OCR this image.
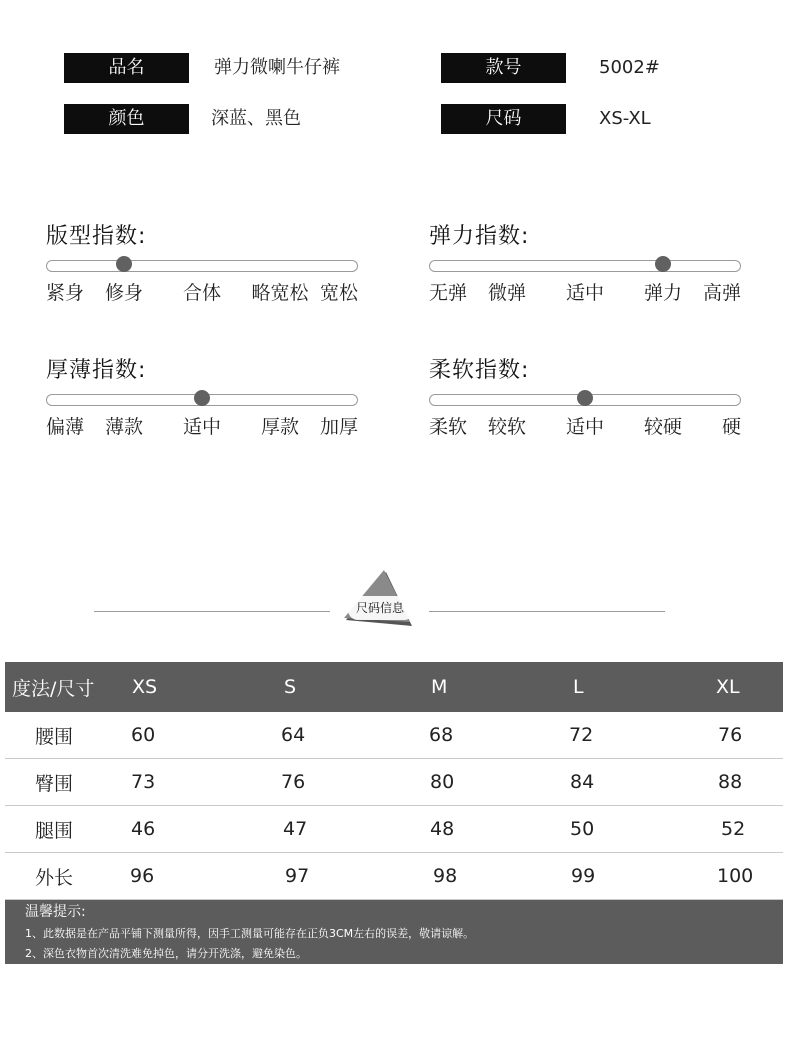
品名	弹力微喇牛仔裤	款号	5002#
颜色	深蓝、黑色	尺码	XS-XL
版型指数:
紧身 修身 合体 略宽松 宽松
弹力指数:
无弹 微弹 适中 弹力 高弹
厚薄指数:
偏薄 薄款 适中 厚款 加厚
柔软指数:
柔软 较软 适中 较硬 硬
尺码信息
度法/尺寸 XS	S	M	L	XL
腰围	60	64	68	72	76
臀围	73	76	80	84	88
腿围	46	47	48	50	52
外长	96	97	98	99	100
温馨提示:
1、此数据是在产品平铺下测量所得，因手工测量可能存在正负3CM左右的误差，敬请谅解。
2、深色衣物首次清洗难免掉色，请分开洗涤，避免染色。
